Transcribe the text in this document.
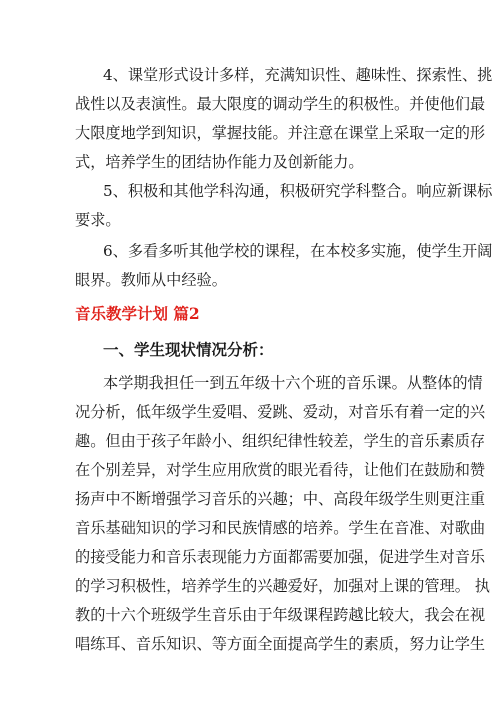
4、课堂形式设计多样，充满知识性、趣味性、探索性、挑
战性以及表演性。最大限度的调动学生的积极性。并使他们最
大限度地学到知识，掌握技能。并注意在课堂上采取一定的形
式，培养学生的团结协作能力及创新能力。
5、积极和其他学科沟通，积极研究学科整合。响应新课标
要求。
6、多看多听其他学校的课程，在本校多实施，使学生开阔
眼界。教师从中经验。
音乐教学计划 篇2
一、学生现状情况分析：
本学期我担任一到五年级十六个班的音乐课。从整体的情
况分析，低年级学生爱唱、爱跳、爱动，对音乐有着一定的兴
趣。但由于孩子年龄小、组织纪律性较差，学生的音乐素质存
在个别差异，对学生应用欣赏的眼光看待，让他们在鼓励和赞
扬声中不断增强学习音乐的兴趣；中、高段年级学生则更注重
音乐基础知识的学习和民族情感的培养。学生在音准、对歌曲
的接受能力和音乐表现能力方面都需要加强，促进学生对音乐
的学习积极性，培养学生的兴趣爱好，加强对上课的管理。 执
教的十六个班级学生音乐由于年级课程跨越比较大，我会在视
唱练耳、音乐知识、等方面全面提高学生的素质，努力让学生
